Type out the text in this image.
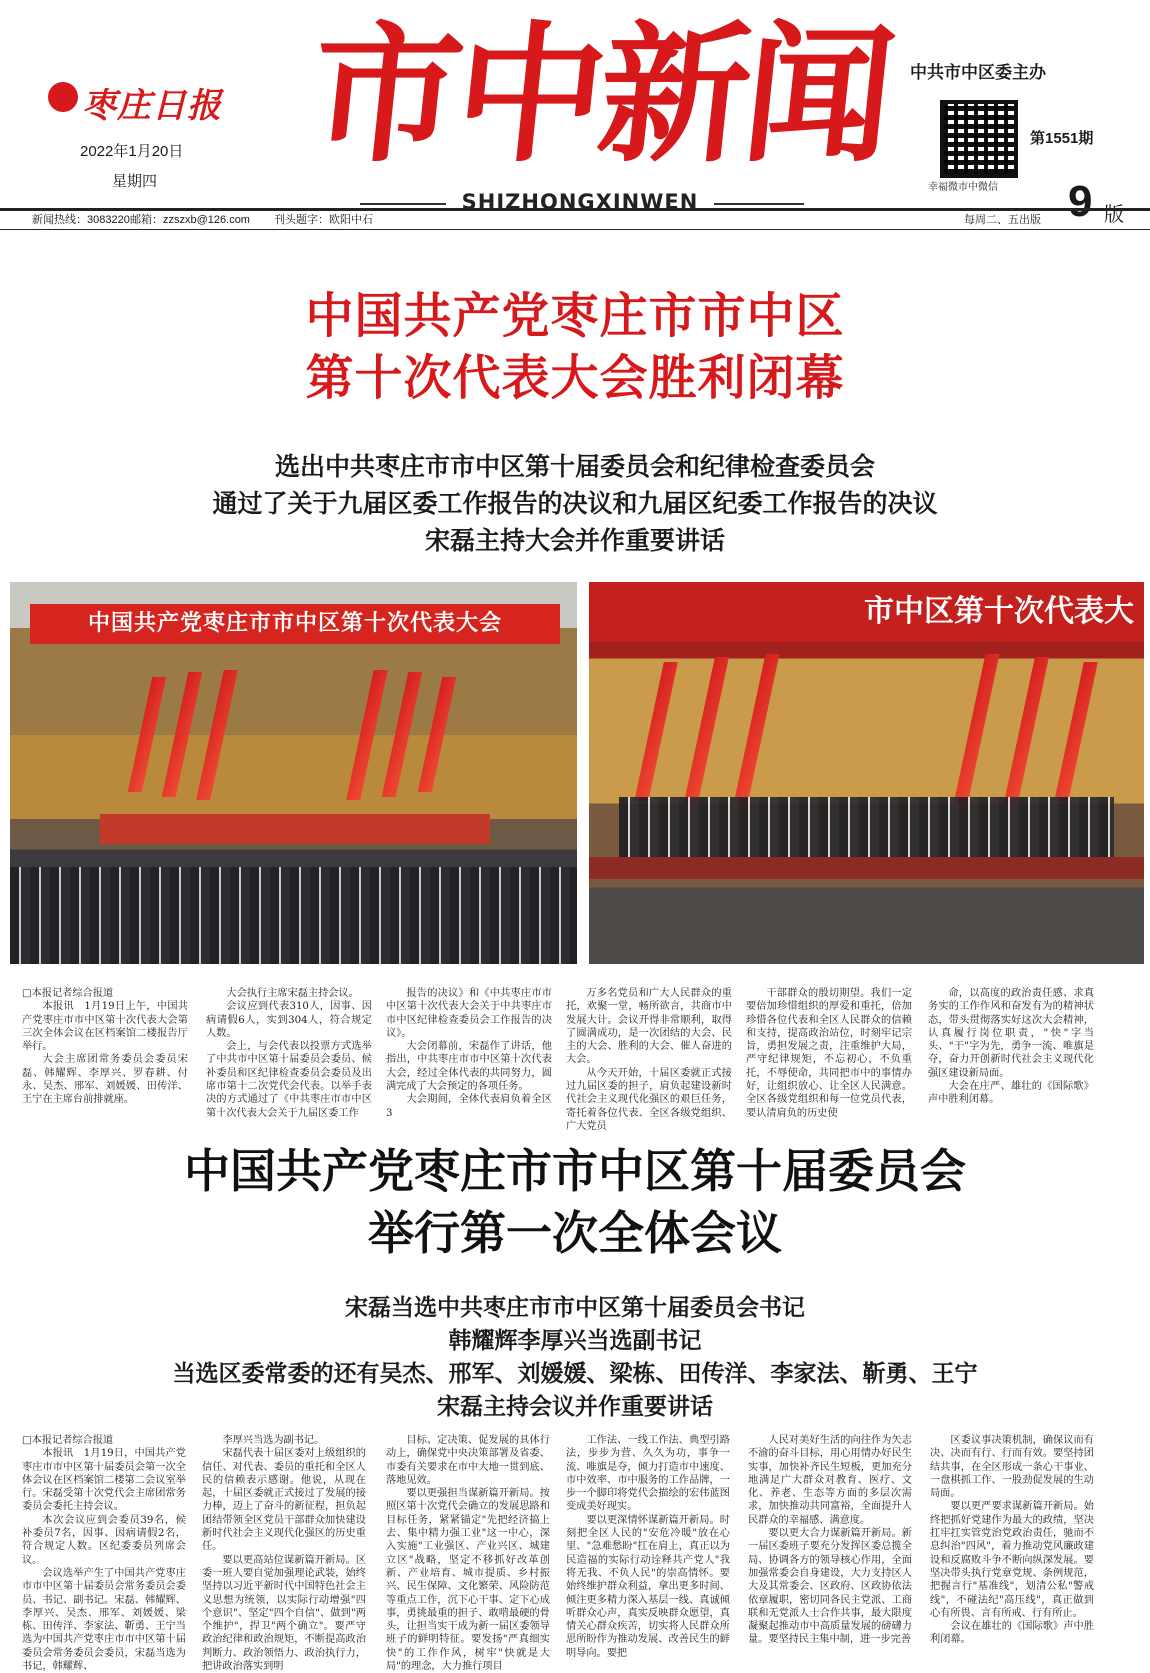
枣庄日报
2022年1月20日
星期四 市中新闻
SHIZHONGXINWEN
中共市中区委主办
幸福微市中微信
第1551期
9 版
新闻热线：3083220 邮箱：zzszxb@126.com 刊头题字：欧阳中石	每周二、五出版
中国共产党枣庄市市中区
第十次代表大会胜利闭幕
选出中共枣庄市市中区第十届委员会和纪律检查委员会
通过了关于九届区委工作报告的决议和九届区纪委工作报告的决议
宋磊主持大会并作重要讲话
中国共产党枣庄市市中区第十次代表大会	市中区第十次代表大

□本报记者综合报道

本报讯　1月19日上午，中国共产党枣庄市市中区第十次代表大会第三次全体会议在区档案馆二楼报告厅举行。

大会主席团常务委员会委员宋磊、韩耀辉、李厚兴、罗春耕、付永、吴杰、邢军、刘媛媛、田传洋、王宁在主席台前排就座。

大会执行主席宋磊主持会议。

会议应到代表310人，因事、因病请假6人，实到304人，符合规定人数。

会上，与会代表以投票方式选举了中共市中区第十届委员会委员、候补委员和区纪律检查委员会委员及出席市第十二次党代会代表。以举手表决的方式通过了《中共枣庄市市中区第十次代表大会关于九届区委工作

报告的决议》和《中共枣庄市市中区第十次代表大会关于中共枣庄市市中区纪律检查委员会工作报告的决议》。

大会闭幕前，宋磊作了讲话，他指出，中共枣庄市市中区第十次代表大会，经过全体代表的共同努力，圆满完成了大会预定的各项任务。

大会期间，全体代表肩负着全区3

万多名党员和广大人民群众的重托，欢聚一堂，畅所欲言，共商市中发展大计。会议开得非常顺利，取得了圆满成功，是一次团结的大会、民主的大会、胜利的大会、催人奋进的大会。

从今天开始，十届区委就正式接过九届区委的担子，肩负起建设新时代社会主义现代化强区的艰巨任务，寄托着各位代表、全区各级党组织、广大党员

干部群众的殷切期望。我们一定要倍加珍惜组织的厚爱和重托，倍加珍惜各位代表和全区人民群众的信赖和支持，提高政治站位，时刻牢记宗旨，勇担发展之责，注重维护大局，严守纪律规矩，不忘初心，不负重托，不辱使命，共同把市中的事情办好，让组织放心、让全区人民满意。全区各级党组织和每一位党员代表，要认清肩负的历史使

命，以高度的政治责任感、求真务实的工作作风和奋发有为的精神状态，带头贯彻落实好这次大会精神，认真履行岗位职责，"快"字当头、"干"字为先，勇争一流、唯旗是夺，奋力开创新时代社会主义现代化强区建设新局面。

大会在庄严、雄壮的《国际歌》声中胜利闭幕。

中国共产党枣庄市市中区第十届委员会
举行第一次全体会议
宋磊当选中共枣庄市市中区第十届委员会书记
韩耀辉李厚兴当选副书记
当选区委常委的还有吴杰、邢军、刘媛媛、梁栋、田传洋、李家法、靳勇、王宁
宋磊主持会议并作重要讲话

□本报记者综合报道

本报讯　1月19日，中国共产党枣庄市市中区第十届委员会第一次全体会议在区档案馆二楼第二会议室举行。宋磊受第十次党代会主席团常务委员会委托主持会议。

本次会议应到会委员39名，候补委员7名，因事、因病请假2名，符合规定人数。区纪委委员列席会议。

会议选举产生了中国共产党枣庄市市中区第十届委员会常务委员会委员、书记、副书记。宋磊、韩耀辉、李厚兴、吴杰、邢军、刘媛媛、梁栋、田传洋、李家法、靳勇、王宁当选为中国共产党枣庄市市中区第十届委员会常务委员会委员，宋磊当选为书记，韩耀辉、

李厚兴当选为副书记。

宋磊代表十届区委对上级组织的信任、对代表、委员的重托和全区人民的信赖表示感谢。他说，从现在起，十届区委就正式接过了发展的接力棒，迈上了奋斗的新征程，担负起团结带领全区党员干部群众加快建设新时代社会主义现代化强区的历史重任。

要以更高站位谋新篇开新局。区委一班人要自觉加强理论武装，始终坚持以习近平新时代中国特色社会主义思想为统领，以实际行动增强"四个意识"、坚定"四个自信"、做到"两个维护"，捍卫"两个确立"。要严守政治纪律和政治规矩，不断提高政治判断力、政治领悟力、政治执行力，把讲政治落实到明

目标、定决策、促发展的具体行动上，确保党中央决策部署及省委、市委有关要求在市中大地一贯到底、落地见效。

要以更强担当谋新篇开新局。按照区第十次党代会确立的发展思路和目标任务，紧紧锚定"先把经济搞上去、集中精力强工业"这一中心，深入实施"工业强区、产业兴区、城建立区"战略，坚定不移抓好改革创新、产业培育、城市提质、乡村振兴、民生保障、文化繁荣、风险防范等重点工作，沉下心干事、定下心成事，勇挑最重的担子、敢啃最硬的骨头，让担当实干成为新一届区委领导班子的鲜明特征。要发扬"严真细实快"的工作作风，树牢"快就是大局"的理念，大力推行项目

工作法、一线工作法、典型引路法，步步为营、久久为功，事争一流、唯旗是夺，倾力打造市中速度、市中效率、市中服务的工作品牌，一步一个脚印将党代会描绘的宏伟蓝图变成美好现实。

要以更深情怀谋新篇开新局。时刻把全区人民的"安危冷暖"放在心里、"急难愁盼"扛在肩上，真正以为民造福的实际行动诠释共产党人"我将无我、不负人民"的崇高情怀。要始终维护群众利益，拿出更多时间、倾注更多精力深入基层一线、真诚倾听群众心声，真实反映群众愿望，真情关心群众疾苦，切实将人民群众所思所盼作为推动发展、改善民生的鲜明导向。要把

人民对美好生活的向往作为矢志不渝的奋斗目标，用心用情办好民生实事，加快补齐民生短板，更加充分地满足广大群众对教育、医疗、文化、养老、生态等方面的多层次需求，加快推动共同富裕，全面提升人民群众的幸福感、满意度。

要以更大合力谋新篇开新局。新一届区委班子要充分发挥区委总揽全局、协调各方的领导核心作用，全面加强常委会自身建设，大力支持区人大及其常委会、区政府、区政协依法依章履职，密切同各民主党派、工商联和无党派人士合作共事，最大限度凝聚起推动市中高质量发展的磅礴力量。要坚持民主集中制，进一步完善

区委议事决策机制，确保议而有决、决而有行、行而有效。要坚持团结共事，在全区形成一条心干事业、一盘棋抓工作、一股劲促发展的生动局面。

要以更严要求谋新篇开新局。始终把抓好党建作为最大的政绩，坚决扛牢扛实管党治党政治责任，驰而不息纠治"四风"，着力推动党风廉政建设和反腐败斗争不断向纵深发展。要坚决带头执行党章党规、条例规范，把握言行"基准线"，划清公私"警戒线"，不碰法纪"高压线"，真正做到心有所畏、言有所戒、行有所止。

会议在雄壮的《国际歌》声中胜利闭幕。
